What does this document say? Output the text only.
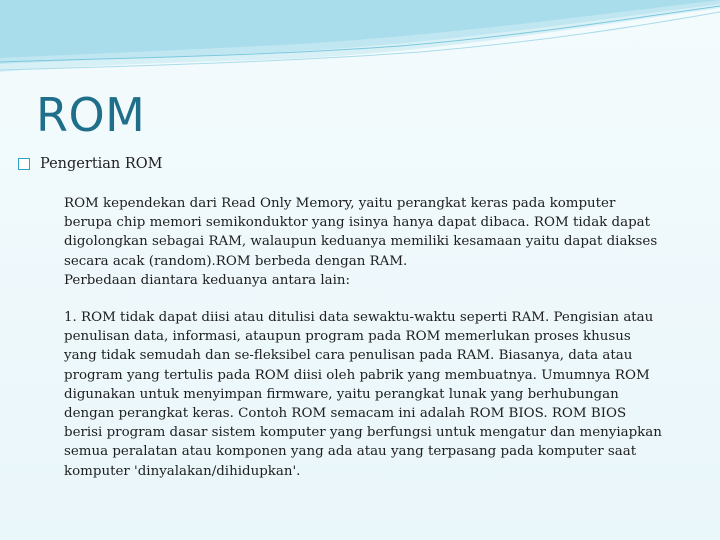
ROM
Pengertian ROM
ROM kependekan dari Read Only Memory, yaitu perangkat keras pada komputer
berupa chip memori semikonduktor yang isinya hanya dapat dibaca. ROM tidak dapat
digolongkan sebagai RAM, walaupun keduanya memiliki kesamaan yaitu dapat diakses
secara acak (random).ROM berbeda dengan RAM.
Perbedaan diantara keduanya antara lain:
1. ROM tidak dapat diisi atau ditulisi data sewaktu-waktu seperti RAM. Pengisian atau
penulisan data, informasi, ataupun program pada ROM memerlukan proses khusus
yang tidak semudah dan se-fleksibel cara penulisan pada RAM. Biasanya, data atau
program yang tertulis pada ROM diisi oleh pabrik yang membuatnya. Umumnya ROM
digunakan untuk menyimpan firmware, yaitu perangkat lunak yang berhubungan
dengan perangkat keras. Contoh ROM semacam ini adalah ROM BIOS. ROM BIOS
berisi program dasar sistem komputer yang berfungsi untuk mengatur dan menyiapkan
semua peralatan atau komponen yang ada atau yang terpasang pada komputer saat
komputer 'dinyalakan/dihidupkan'.
